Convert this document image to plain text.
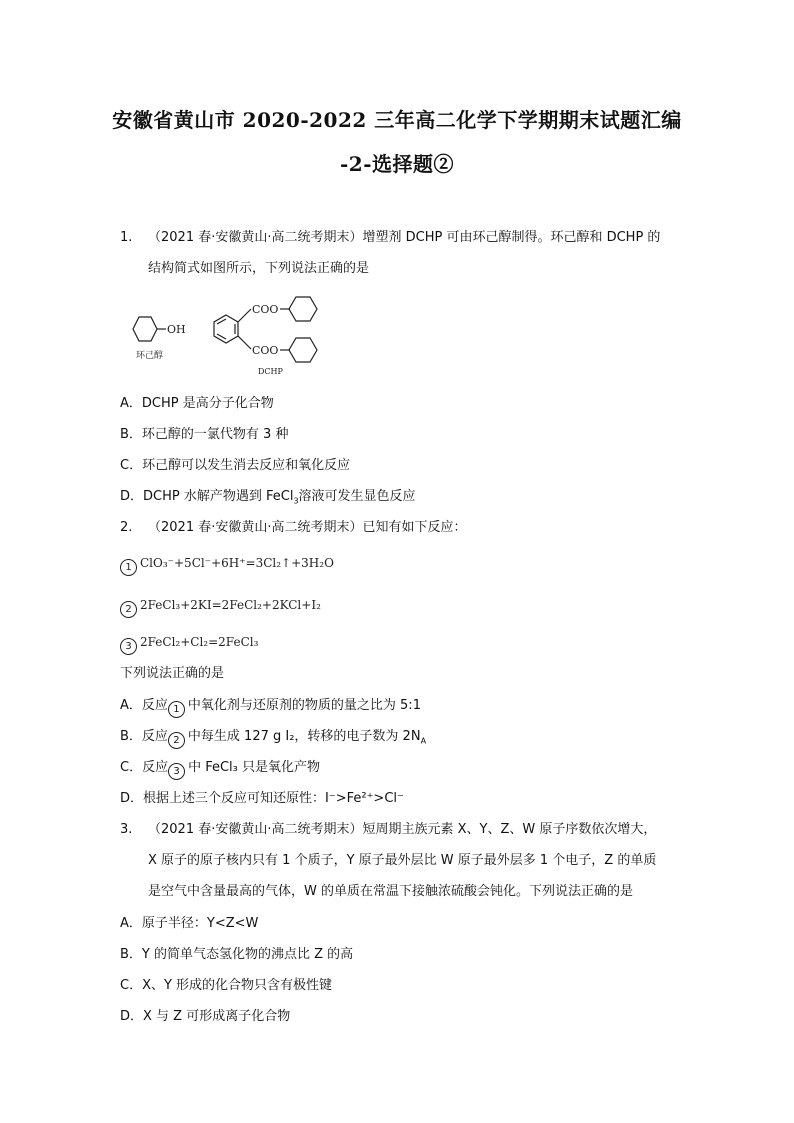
安徽省黄山市 2020-2022 三年高二化学下学期期末试题汇编
-2-选择题②
1. （2021 春·安徽黄山·高二统考期末）增塑剂 DCHP 可由环己醇制得。环己醇和 DCHP 的
结构简式如图所示，下列说法正确的是
OH
环己醇
COO
COO
DCHP
A．DCHP 是高分子化合物
B．环己醇的一氯代物有 3 种
C．环己醇可以发生消去反应和氧化反应
D．DCHP 水解产物遇到 FeCl$_3$溶液可发生显色反应
2. （2021 春·安徽黄山·高二统考期末）已知有如下反应：
1 ClO₃⁻+5Cl⁻+6H⁺=3Cl₂↑+3H₂O
2 2FeCl₃+2KI=2FeCl₂+2KCl+I₂
3 2FeCl₂+Cl₂=2FeCl₃
下列说法正确的是
A．反应 1 中氧化剂与还原剂的物质的量之比为 5:1
B．反应 2 中每生成 127 g I₂，转移的电子数为 $2N_A$
C．反应 3 中 FeCl₃ 只是氧化产物
D．根据上述三个反应可知还原性：I⁻>Fe²⁺>Cl⁻
3. （2021 春·安徽黄山·高二统考期末）短周期主族元素 X、Y、Z、W 原子序数依次增大，
X 原子的原子核内只有 1 个质子，Y 原子最外层比 W 原子最外层多 1 个电子，Z 的单质
是空气中含量最高的气体，W 的单质在常温下接触浓硫酸会钝化。下列说法正确的是
A．原子半径：Y<Z<W
B．Y 的简单气态氢化物的沸点比 Z 的高
C．X、Y 形成的化合物只含有极性键
D．X 与 Z 可形成离子化合物
